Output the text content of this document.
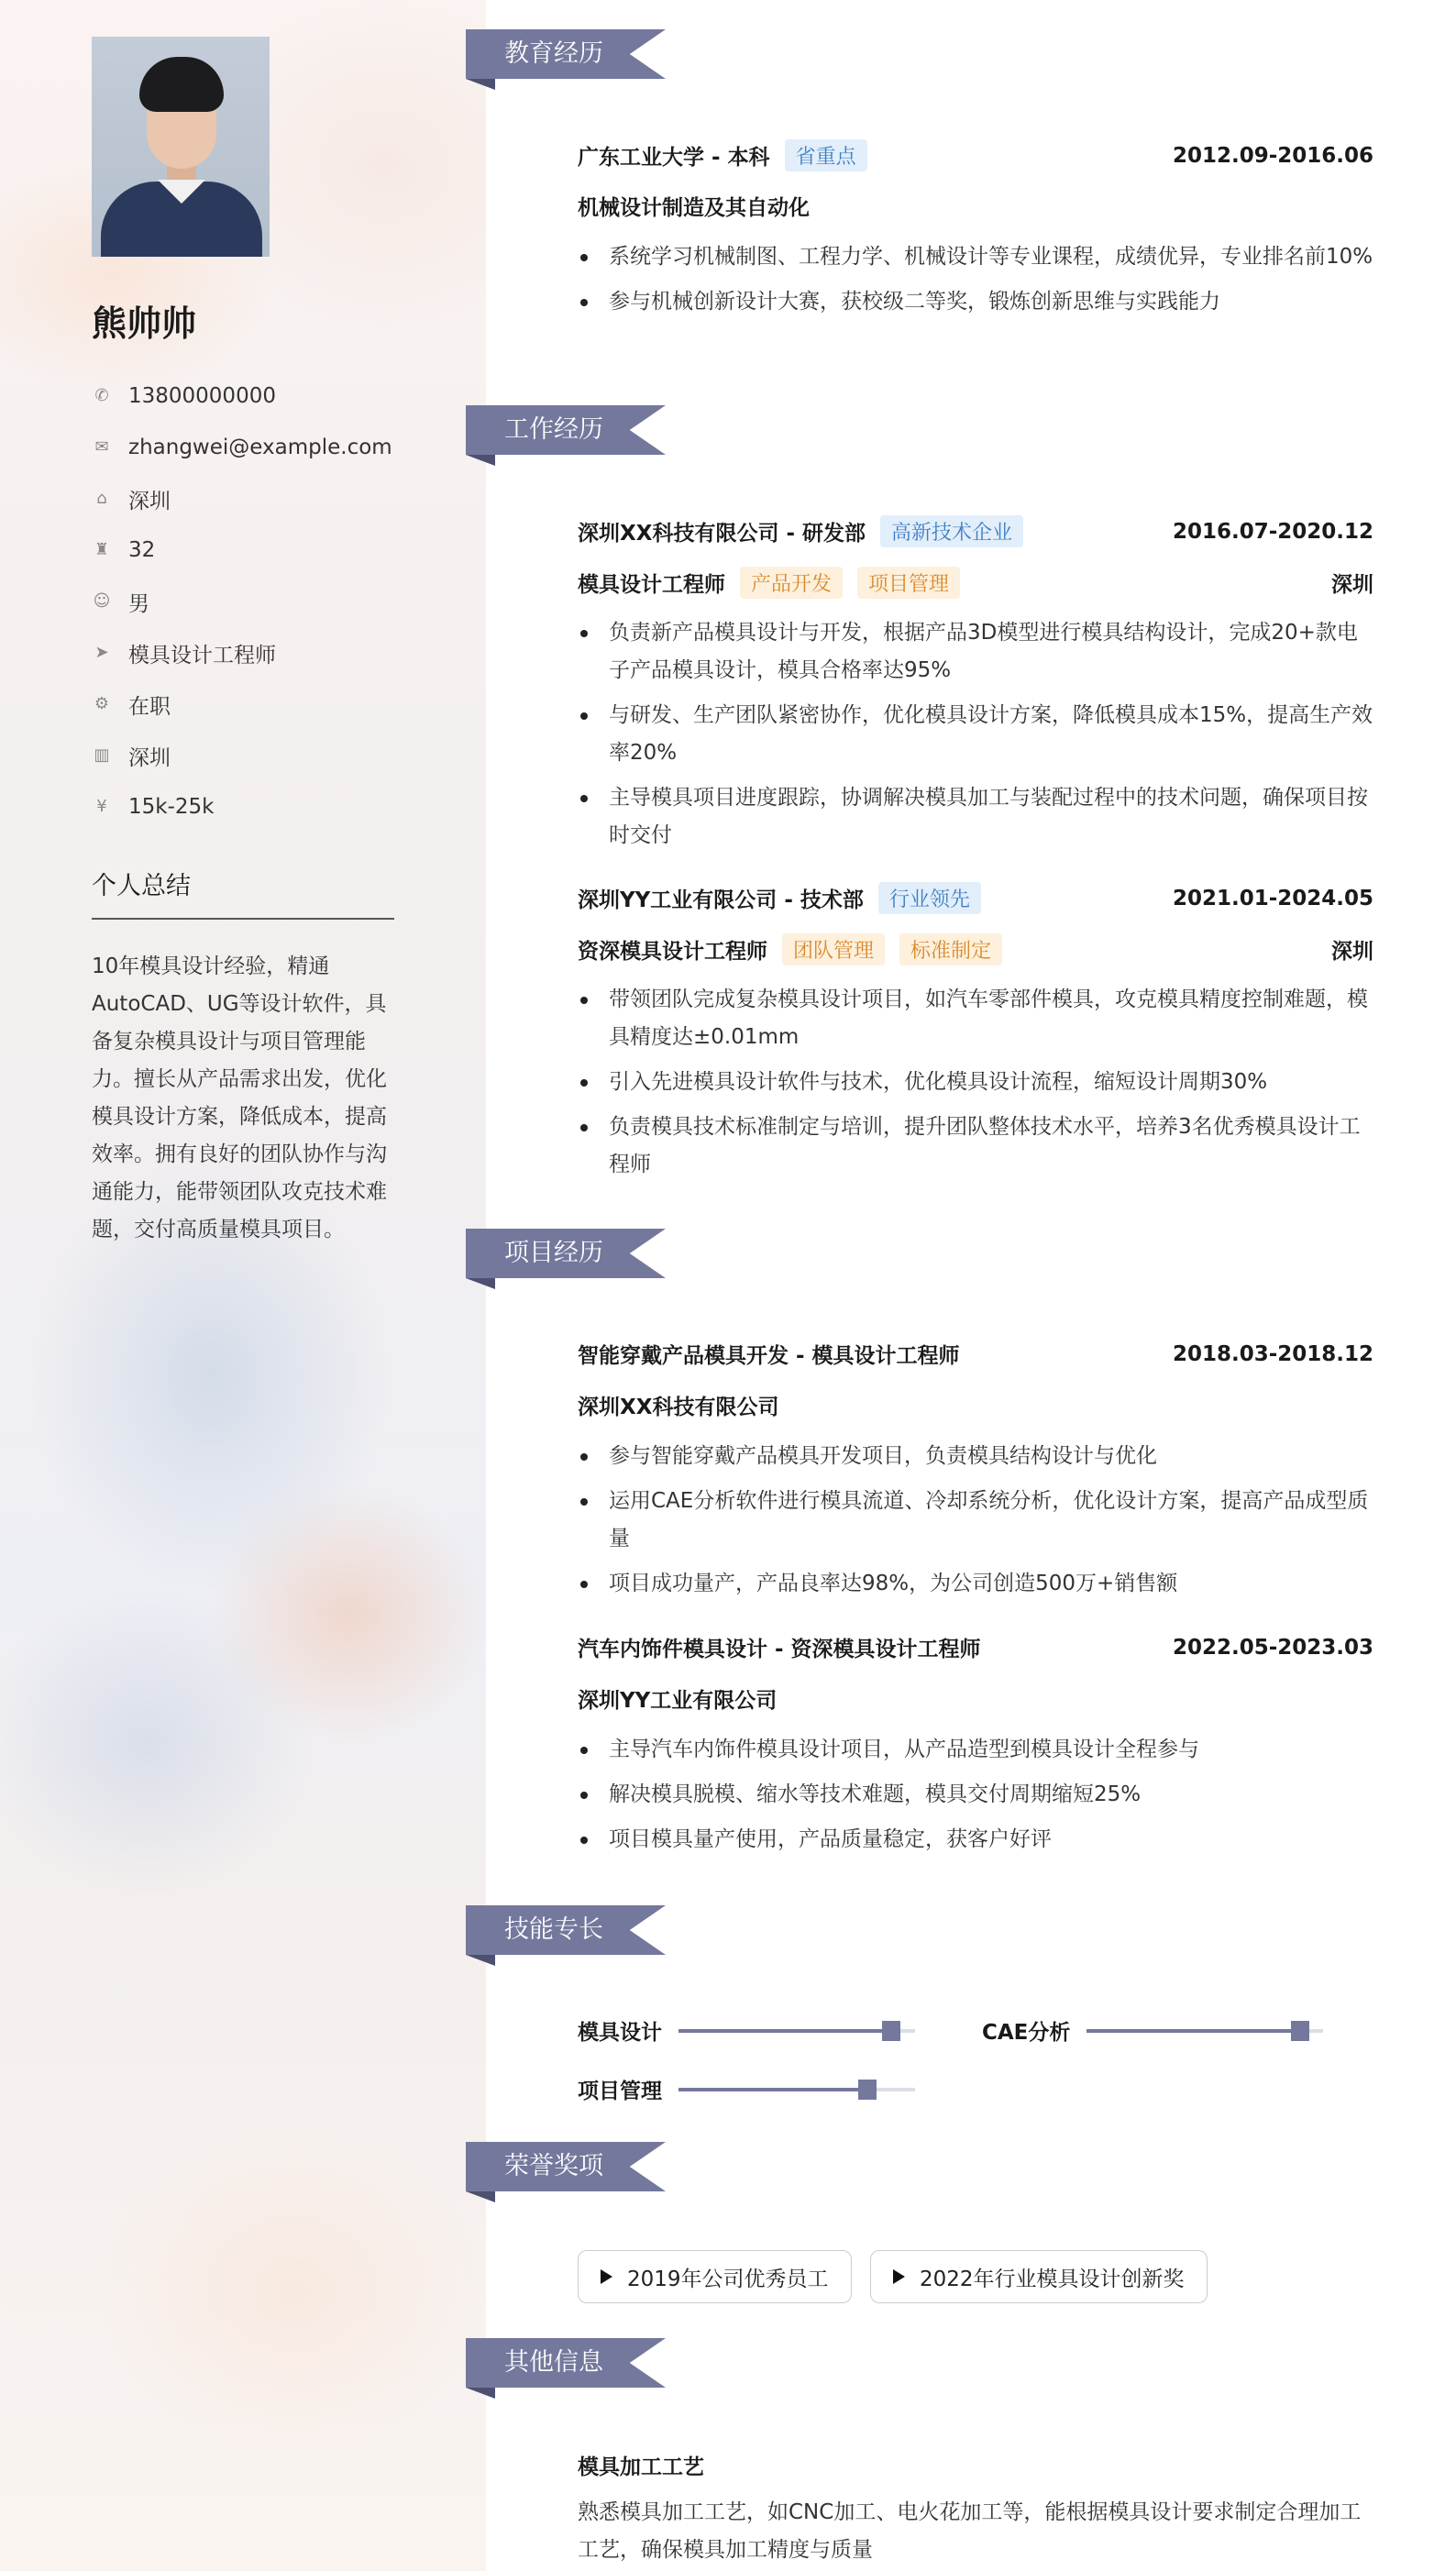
熊帅帅
✆ 13800000000
✉ zhangwei@example.com
⌂ 深圳
♜ 32
☺ 男
➤ 模具设计工程师
⚙ 在职
▥ 深圳
¥ 15k-25k
个人总结
10年模具设计经验，精通AutoCAD、UG等设计软件，具备复杂模具设计与项目管理能力。擅长从产品需求出发，优化模具设计方案，降低成本，提高效率。拥有良好的团队协作与沟通能力，能带领团队攻克技术难题，交付高质量模具项目。
教育经历
广东工业大学 - 本科	省重点	2012.09-2016.06
机械设计制造及其自动化
系统学习机械制图、工程力学、机械设计等专业课程，成绩优异，专业排名前10%
参与机械创新设计大赛，获校级二等奖，锻炼创新思维与实践能力
工作经历
深圳XX科技有限公司 - 研发部	高新技术企业	2016.07-2020.12
模具设计工程师	产品开发	项目管理	深圳
负责新产品模具设计与开发，根据产品3D模型进行模具结构设计，完成20+款电子产品模具设计，模具合格率达95%
与研发、生产团队紧密协作，优化模具设计方案，降低模具成本15%，提高生产效率20%
主导模具项目进度跟踪，协调解决模具加工与装配过程中的技术问题，确保项目按时交付
深圳YY工业有限公司 - 技术部	行业领先	2021.01-2024.05
资深模具设计工程师	团队管理	标准制定	深圳
带领团队完成复杂模具设计项目，如汽车零部件模具，攻克模具精度控制难题，模具精度达±0.01mm
引入先进模具设计软件与技术，优化模具设计流程，缩短设计周期30%
负责模具技术标准制定与培训，提升团队整体技术水平，培养3名优秀模具设计工程师
项目经历
智能穿戴产品模具开发 - 模具设计工程师	2018.03-2018.12
深圳XX科技有限公司
参与智能穿戴产品模具开发项目，负责模具结构设计与优化
运用CAE分析软件进行模具流道、冷却系统分析，优化设计方案，提高产品成型质量
项目成功量产，产品良率达98%，为公司创造500万+销售额
汽车内饰件模具设计 - 资深模具设计工程师	2022.05-2023.03
深圳YY工业有限公司
主导汽车内饰件模具设计项目，从产品造型到模具设计全程参与
解决模具脱模、缩水等技术难题，模具交付周期缩短25%
项目模具量产使用，产品质量稳定，获客户好评
技能专长
模具设计	CAE分析
项目管理
荣誉奖项
2019年公司优秀员工	2022年行业模具设计创新奖
其他信息
模具加工工艺
熟悉模具加工工艺，如CNC加工、电火花加工等，能根据模具设计要求制定合理加工工艺，确保模具加工精度与质量
